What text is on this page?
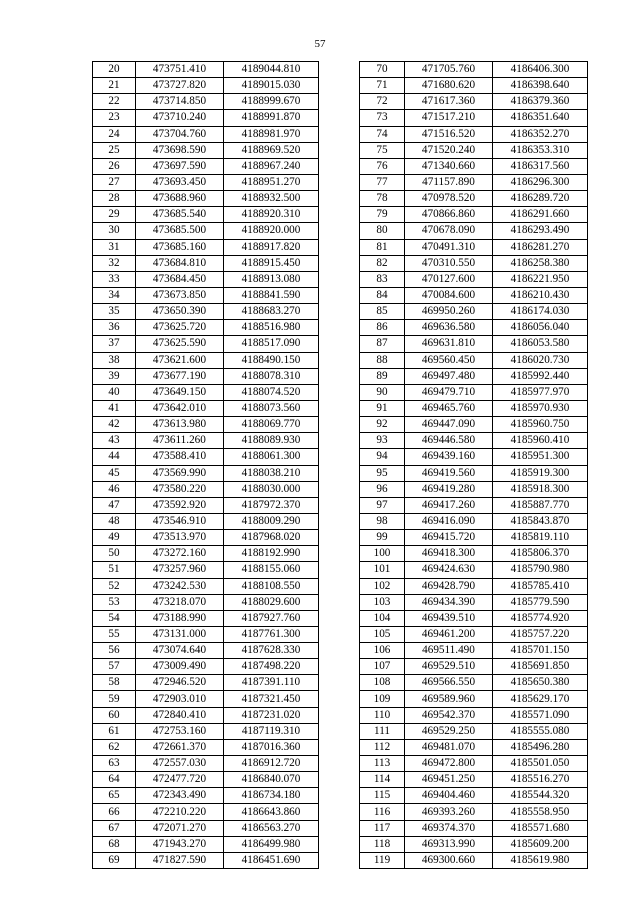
57
20	473751.410	4189044.810
21	473727.820	4189015.030
22	473714.850	4188999.670
23	473710.240	4188991.870
24	473704.760	4188981.970
25	473698.590	4188969.520
26	473697.590	4188967.240
27	473693.450	4188951.270
28	473688.960	4188932.500
29	473685.540	4188920.310
30	473685.500	4188920.000
31	473685.160	4188917.820
32	473684.810	4188915.450
33	473684.450	4188913.080
34	473673.850	4188841.590
35	473650.390	4188683.270
36	473625.720	4188516.980
37	473625.590	4188517.090
38	473621.600	4188490.150
39	473677.190	4188078.310
40	473649.150	4188074.520
41	473642.010	4188073.560
42	473613.980	4188069.770
43	473611.260	4188089.930
44	473588.410	4188061.300
45	473569.990	4188038.210
46	473580.220	4188030.000
47	473592.920	4187972.370
48	473546.910	4188009.290
49	473513.970	4187968.020
50	473272.160	4188192.990
51	473257.960	4188155.060
52	473242.530	4188108.550
53	473218.070	4188029.600
54	473188.990	4187927.760
55	473131.000	4187761.300
56	473074.640	4187628.330
57	473009.490	4187498.220
58	472946.520	4187391.110
59	472903.010	4187321.450
60	472840.410	4187231.020
61	472753.160	4187119.310
62	472661.370	4187016.360
63	472557.030	4186912.720
64	472477.720	4186840.070
65	472343.490	4186734.180
66	472210.220	4186643.860
67	472071.270	4186563.270
68	471943.270	4186499.980
69	471827.590	4186451.690
70	471705.760	4186406.300
71	471680.620	4186398.640
72	471617.360	4186379.360
73	471517.210	4186351.640
74	471516.520	4186352.270
75	471520.240	4186353.310
76	471340.660	4186317.560
77	471157.890	4186296.300
78	470978.520	4186289.720
79	470866.860	4186291.660
80	470678.090	4186293.490
81	470491.310	4186281.270
82	470310.550	4186258.380
83	470127.600	4186221.950
84	470084.600	4186210.430
85	469950.260	4186174.030
86	469636.580	4186056.040
87	469631.810	4186053.580
88	469560.450	4186020.730
89	469497.480	4185992.440
90	469479.710	4185977.970
91	469465.760	4185970.930
92	469447.090	4185960.750
93	469446.580	4185960.410
94	469439.160	4185951.300
95	469419.560	4185919.300
96	469419.280	4185918.300
97	469417.260	4185887.770
98	469416.090	4185843.870
99	469415.720	4185819.110
100	469418.300	4185806.370
101	469424.630	4185790.980
102	469428.790	4185785.410
103	469434.390	4185779.590
104	469439.510	4185774.920
105	469461.200	4185757.220
106	469511.490	4185701.150
107	469529.510	4185691.850
108	469566.550	4185650.380
109	469589.960	4185629.170
110	469542.370	4185571.090
111	469529.250	4185555.080
112	469481.070	4185496.280
113	469472.800	4185501.050
114	469451.250	4185516.270
115	469404.460	4185544.320
116	469393.260	4185558.950
117	469374.370	4185571.680
118	469313.990	4185609.200
119	469300.660	4185619.980
